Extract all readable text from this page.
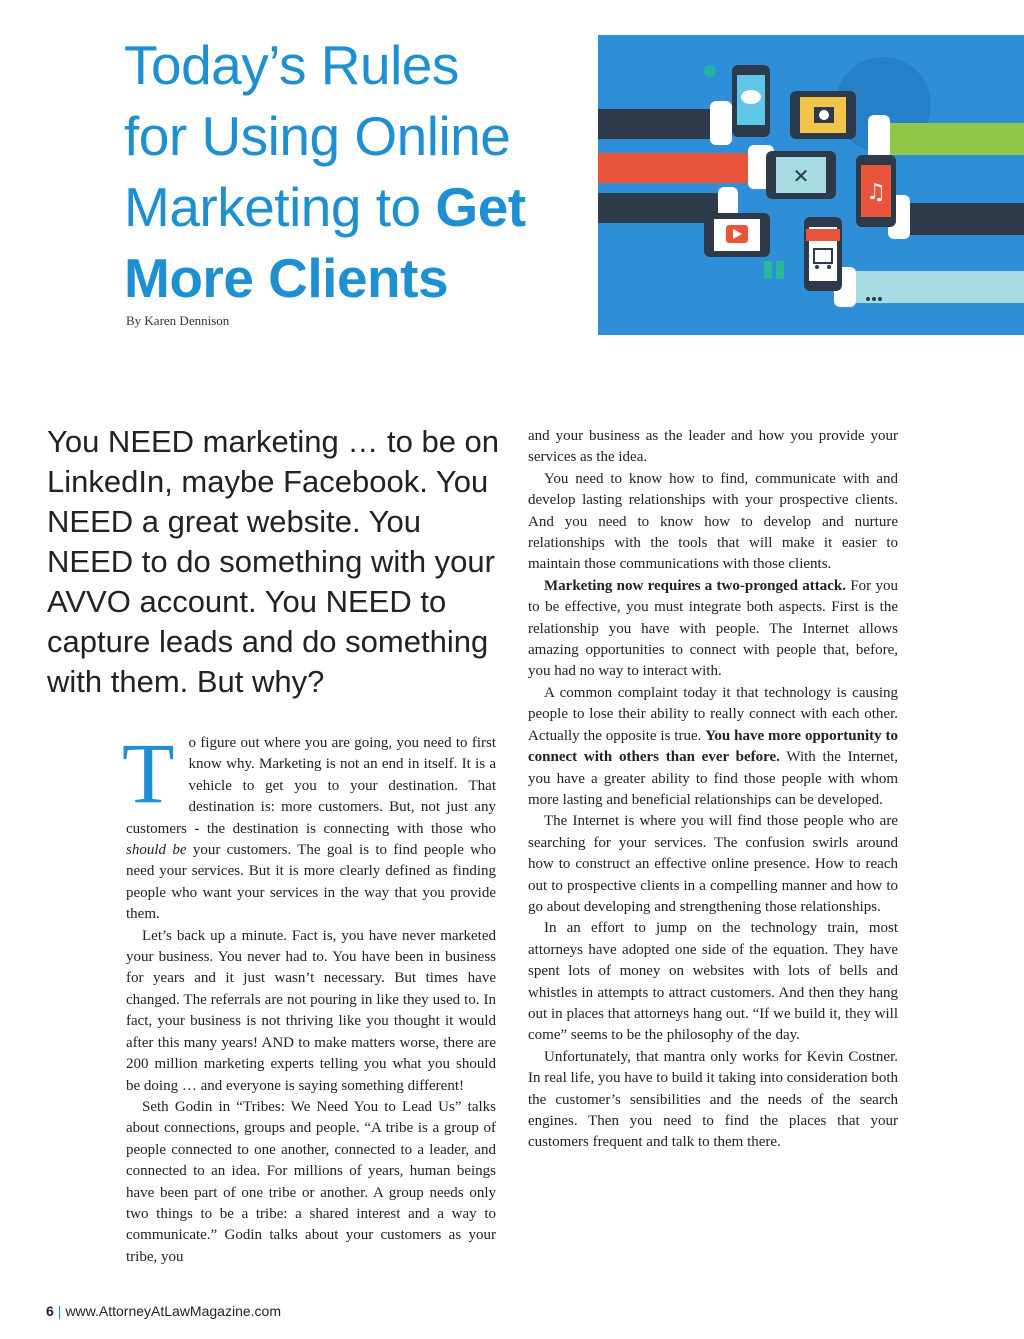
Today’s Rules
for Using Online
Marketing to Get
More Clients
By Karen Dennison
✕
♫

You NEED marketing … to be on LinkedIn, maybe Facebook. You NEED a great website. You NEED to do something with your AVVO account. You NEED to capture leads and do something with them. But why?

To figure out where you are going, you need to first know why. Marketing is not an end in itself. It is a vehicle to get you to your destination. That destination is: more customers. But, not just any customers - the destination is connecting with those who should be your customers. The goal is to find people who need your services. But it is more clearly defined as finding people who want your services in the way that you provide them.

Let’s back up a minute. Fact is, you have never marketed your business. You never had to. You have been in business for years and it just wasn’t necessary. But times have changed. The referrals are not pouring in like they used to. In fact, your business is not thriving like you thought it would after this many years! AND to make matters worse, there are 200 million marketing experts telling you what you should be doing … and everyone is saying something different!

Seth Godin in “Tribes: We Need You to Lead Us” talks about connections, groups and people. “A tribe is a group of people connected to one another, connected to a leader, and connected to an idea. For millions of years, human beings have been part of one tribe or another. A group needs only two things to be a tribe: a shared interest and a way to communicate.” Godin talks about your customers as your tribe, you

and your business as the leader and how you provide your services as the idea.

You need to know how to find, communicate with and develop lasting relationships with your prospective clients. And you need to know how to develop and nurture relationships with the tools that will make it easier to maintain those communications with those clients.

Marketing now requires a two-pronged attack. For you to be effective, you must integrate both aspects. First is the relationship you have with people. The Internet allows amazing opportunities to connect with people that, before, you had no way to interact with.

A common complaint today it that technology is causing people to lose their ability to really connect with each other. Actually the opposite is true. You have more opportunity to connect with others than ever before. With the Internet, you have a greater ability to find those people with whom more lasting and beneficial relationships can be developed.

The Internet is where you will find those people who are searching for your services. The confusion swirls around how to construct an effective online presence. How to reach out to prospective clients in a compelling manner and how to go about developing and strengthening those relationships.

In an effort to jump on the technology train, most attorneys have adopted one side of the equation. They have spent lots of money on websites with lots of bells and whistles in attempts to attract customers. And then they hang out in places that attorneys hang out. “If we build it, they will come” seems to be the philosophy of the day.

Unfortunately, that mantra only works for Kevin Costner. In real life, you have to build it taking into consideration both the customer’s sensibilities and the needs of the search engines. Then you need to find the places that your customers frequent and talk to them there.

6 | www.AttorneyAtLawMagazine.com
